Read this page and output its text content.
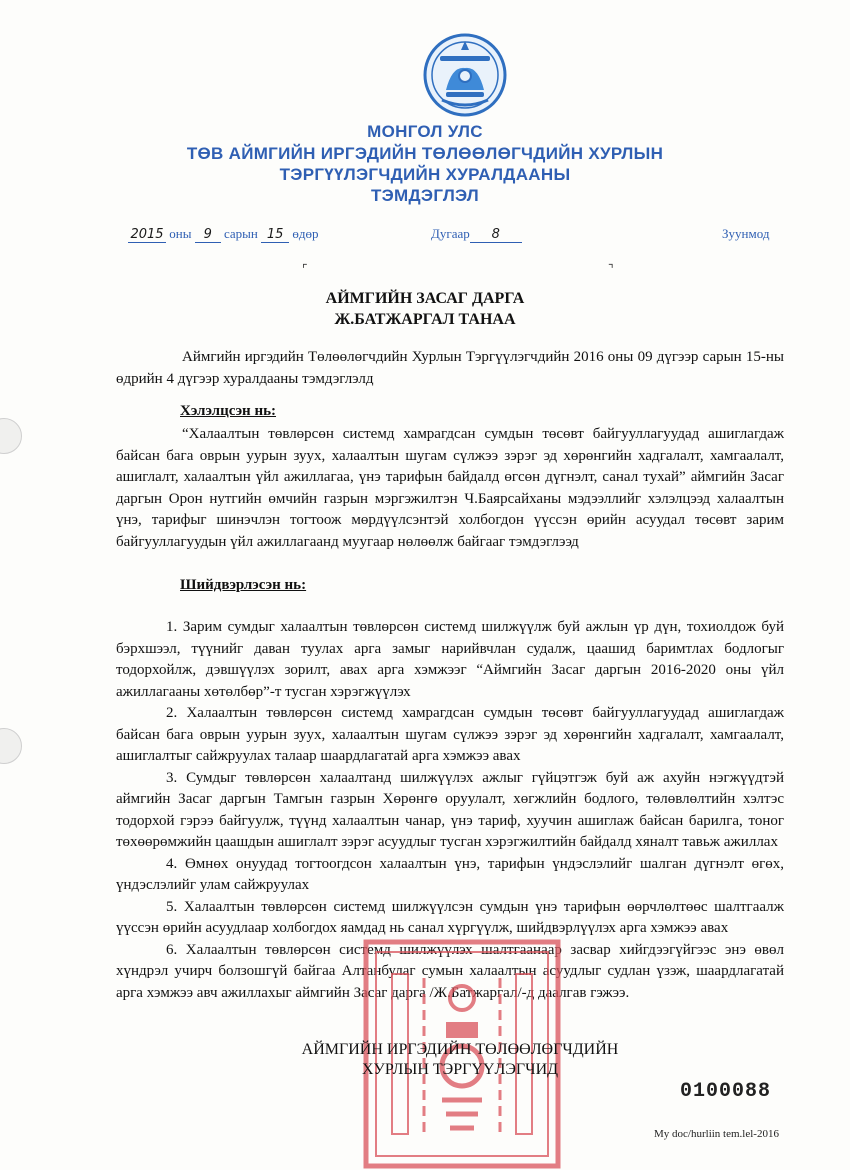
МОНГОЛ УЛС
ТӨВ АЙМГИЙН ИРГЭДИЙН ТӨЛӨӨЛӨГЧДИЙН ХУРЛЫН
ТЭРГҮҮЛЭГЧДИЙН ХУРАЛДААНЫ
ТЭМДЭГЛЭЛ
2015 оны 9 сарын 15 өдөр	Дугаар 8	Зуунмод
⌜	⌝
АЙМГИЙН ЗАСАГ ДАРГА
Ж.БАТЖАРГАЛ ТАНАА
Аймгийн иргэдийн Төлөөлөгчдийн Хурлын Тэргүүлэгчдийн 2016 оны 09 дүгээр сарын 15-ны өдрийн 4 дүгээр хуралдааны тэмдэглэлд
Хэлэлцсэн нь:
“Халаалтын төвлөрсөн системд хамрагдсан сумдын төсөвт байгууллагуудад ашиглагдаж байсан бага оврын уурын зуух, халаалтын шугам сүлжээ зэрэг эд хөрөнгийн хадгалалт, хамгаалалт, ашиглалт, халаалтын үйл ажиллагаа, үнэ тарифын байдалд өгсөн дүгнэлт, санал тухай” аймгийн Засаг даргын Орон нутгийн өмчийн газрын мэргэжилтэн Ч.Баярсайханы мэдээллийг хэлэлцээд халаалтын үнэ, тарифыг шинэчлэн тогтоож мөрдүүлсэнтэй холбогдон үүссэн өрийн асуудал төсөвт зарим байгууллагуудын үйл ажиллагаанд муугаар нөлөөлж байгааг тэмдэглээд
Шийдвэрлэсэн нь:

1. Зарим сумдыг халаалтын төвлөрсөн системд шилжүүлж буй ажлын үр дүн, тохиолдож буй бэрхшээл, түүнийг даван туулах арга замыг нарийвчлан судалж, цаашид баримтлах бодлогыг тодорхойлж, дэвшүүлэх зорилт, авах арга хэмжээг “Аймгийн Засаг даргын 2016-2020 оны үйл ажиллагааны хөтөлбөр”-т тусган хэрэгжүүлэх

2. Халаалтын төвлөрсөн системд хамрагдсан сумдын төсөвт байгууллагуудад ашиглагдаж байсан бага оврын уурын зуух, халаалтын шугам сүлжээ зэрэг эд хөрөнгийн хадгалалт, хамгаалалт, ашиглалтыг сайжруулах талаар шаардлагатай арга хэмжээ авах

3. Сумдыг төвлөрсөн халаалтанд шилжүүлэх ажлыг гүйцэтгэж буй аж ахуйн нэгжүүдтэй аймгийн Засаг даргын Тамгын газрын Хөрөнгө оруулалт, хөгжлийн бодлого, төлөвлөлтийн хэлтэс тодорхой гэрээ байгуулж, түүнд халаалтын чанар, үнэ тариф, хуучин ашиглаж байсан барилга, тоног төхөөрөмжийн цаашдын ашиглалт зэрэг асуудлыг тусган хэрэгжилтийн байдалд хяналт тавьж ажиллах

4. Өмнөх онуудад тогтоогдсон халаалтын үнэ, тарифын үндэслэлийг шалган дүгнэлт өгөх, үндэслэлийг улам сайжруулах

5. Халаалтын төвлөрсөн системд шилжүүлсэн сумдын үнэ тарифын өөрчлөлтөөс шалтгаалж үүссэн өрийн асуудлаар холбогдох яамдад нь санал хүргүүлж, шийдвэрлүүлэх арга хэмжээ авах

6. Халаалтын төвлөрсөн системд шилжүүлэх шалтгаанаар засвар хийгдээгүйгээс энэ өвөл хүндрэл учирч болзошгүй байгаа Алтанбулаг сумын халаалтын асуудлыг судлан үзэж, шаардлагатай арга хэмжээ авч ажиллахыг аймгийн Засаг дарга /Ж.Батжаргал/-д даалгав гэжээ.

АЙМГИЙН ИРГЭДИЙН ТӨЛӨӨЛӨГЧДИЙН
ХУРЛЫН ТЭРГҮҮЛЭГЧИД
0100088
My doc/hurliin tem.lel-2016
